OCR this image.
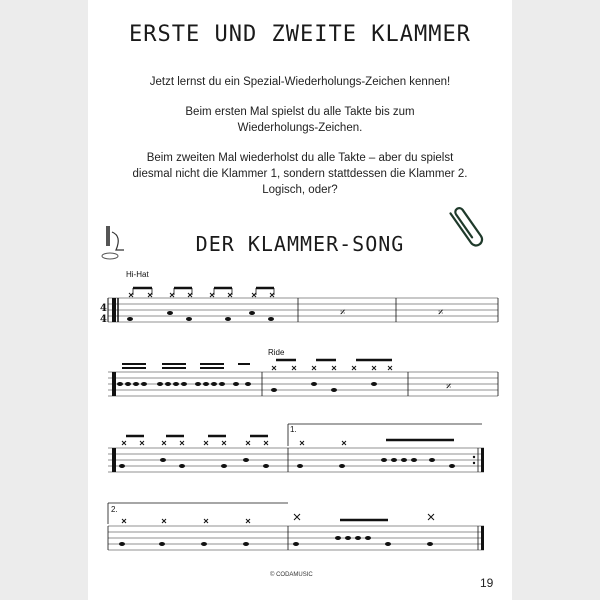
ERSTE UND ZWEITE KLAMMER
Jetzt lernst du ein Spezial-Wiederholungs-Zeichen kennen!
Beim ersten Mal spielst du alle Takte bis zum
Wiederholungs-Zeichen.
Beim zweiten Mal wiederholst du alle Takte – aber du spielst
diesmal nicht die Klammer 1, sondern stattdessen die Klammer 2.
Logisch, oder?
DER KLAMMER-SONG
Hi-Hat
Ride
1.
2.
© CODAMUSIC
19
𝄎	𝄎
𝄎
4
4
